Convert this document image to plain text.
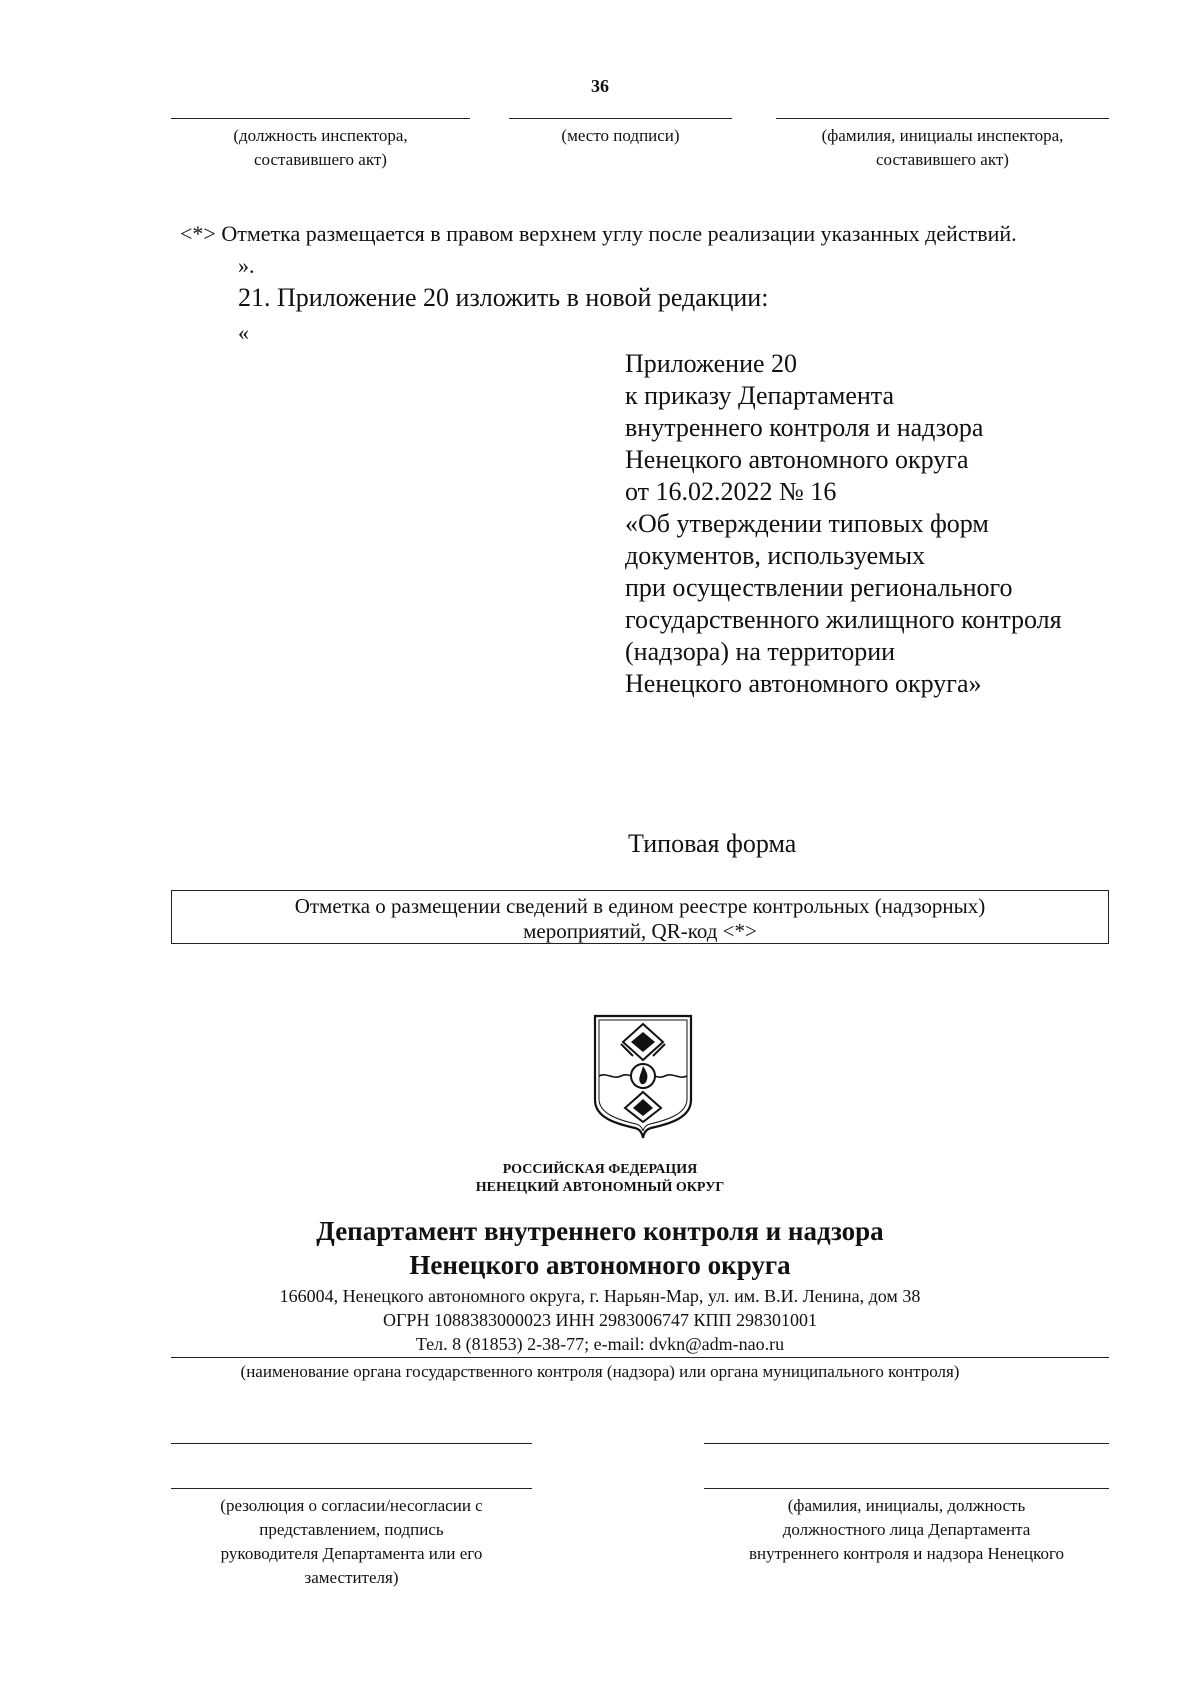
36
(должность инспектора,
составившего акт)
(место подписи)	(фамилия, инициалы инспектора,
составившего акт)
<*> Отметка размещается в правом верхнем углу после реализации указанных действий.
».
21. Приложение 20 изложить в новой редакции:
«
Приложение 20
к приказу Департамента
внутреннего контроля и надзора
Ненецкого автономного округа
от 16.02.2022 № 16
«Об утверждении типовых форм
документов, используемых
при осуществлении регионального
государственного жилищного контроля
(надзора) на территории
Ненецкого автономного округа»
Типовая форма
Отметка о размещении сведений в едином реестре контрольных (надзорных)
мероприятий, QR-код <*>
РОССИЙСКАЯ ФЕДЕРАЦИЯ
НЕНЕЦКИЙ АВТОНОМНЫЙ ОКРУГ
Департамент внутреннего контроля и надзора
Ненецкого автономного округа
166004, Ненецкого автономного округа, г. Нарьян-Мар, ул. им. В.И. Ленина, дом 38
ОГРН 1088383000023 ИНН 2983006747 КПП 298301001
Тел. 8 (81853) 2-38-77; e-mail: dvkn@adm-nao.ru
(наименование органа государственного контроля (надзора) или органа муниципального контроля)
(резолюция о согласии/несогласии с
представлением, подпись
руководителя Департамента или его
заместителя)
(фамилия, инициалы, должность
должностного лица Департамента
внутреннего контроля и надзора Ненецкого
